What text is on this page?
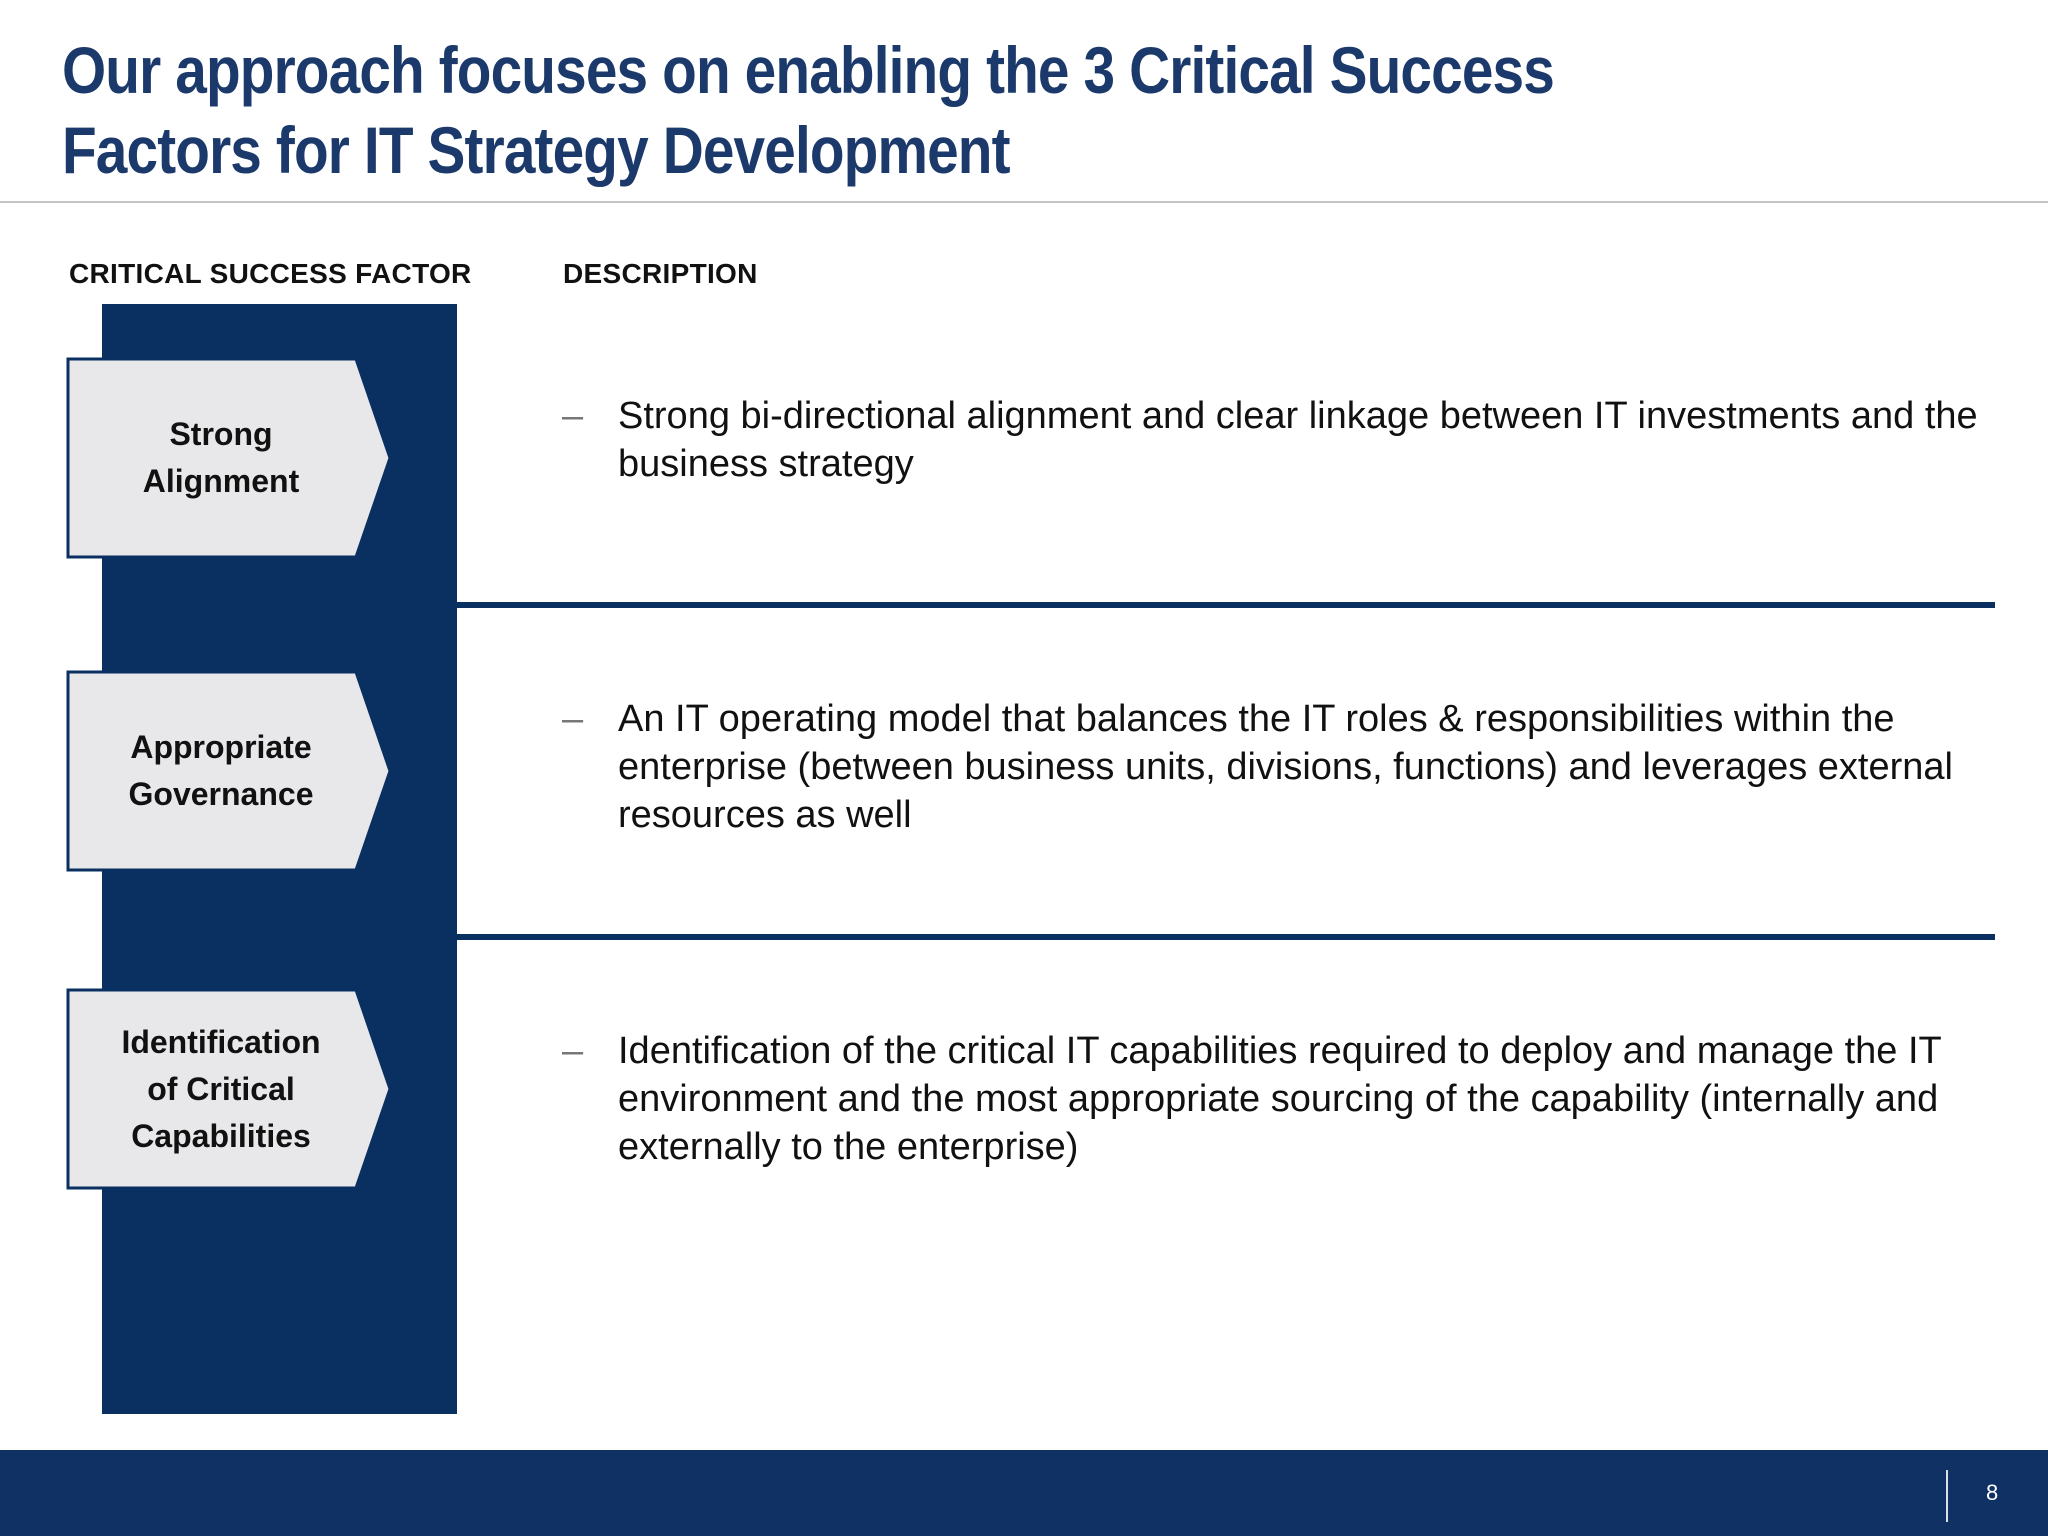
Our approach focuses on enabling the 3 Critical Success Factors for IT Strategy Development
CRITICAL SUCCESS FACTOR	DESCRIPTION
Strong
Alignment
Appropriate
Governance
Identification
of Critical
Capabilities
– Strong bi-directional alignment and clear linkage between IT investments and the business strategy
– An IT operating model that balances the IT roles & responsibilities within the enterprise (between business units, divisions, functions) and leverages external resources as well
– Identification of the critical IT capabilities required to deploy and manage the IT environment and the most appropriate sourcing of the capability (internally and externally to the enterprise)
8
